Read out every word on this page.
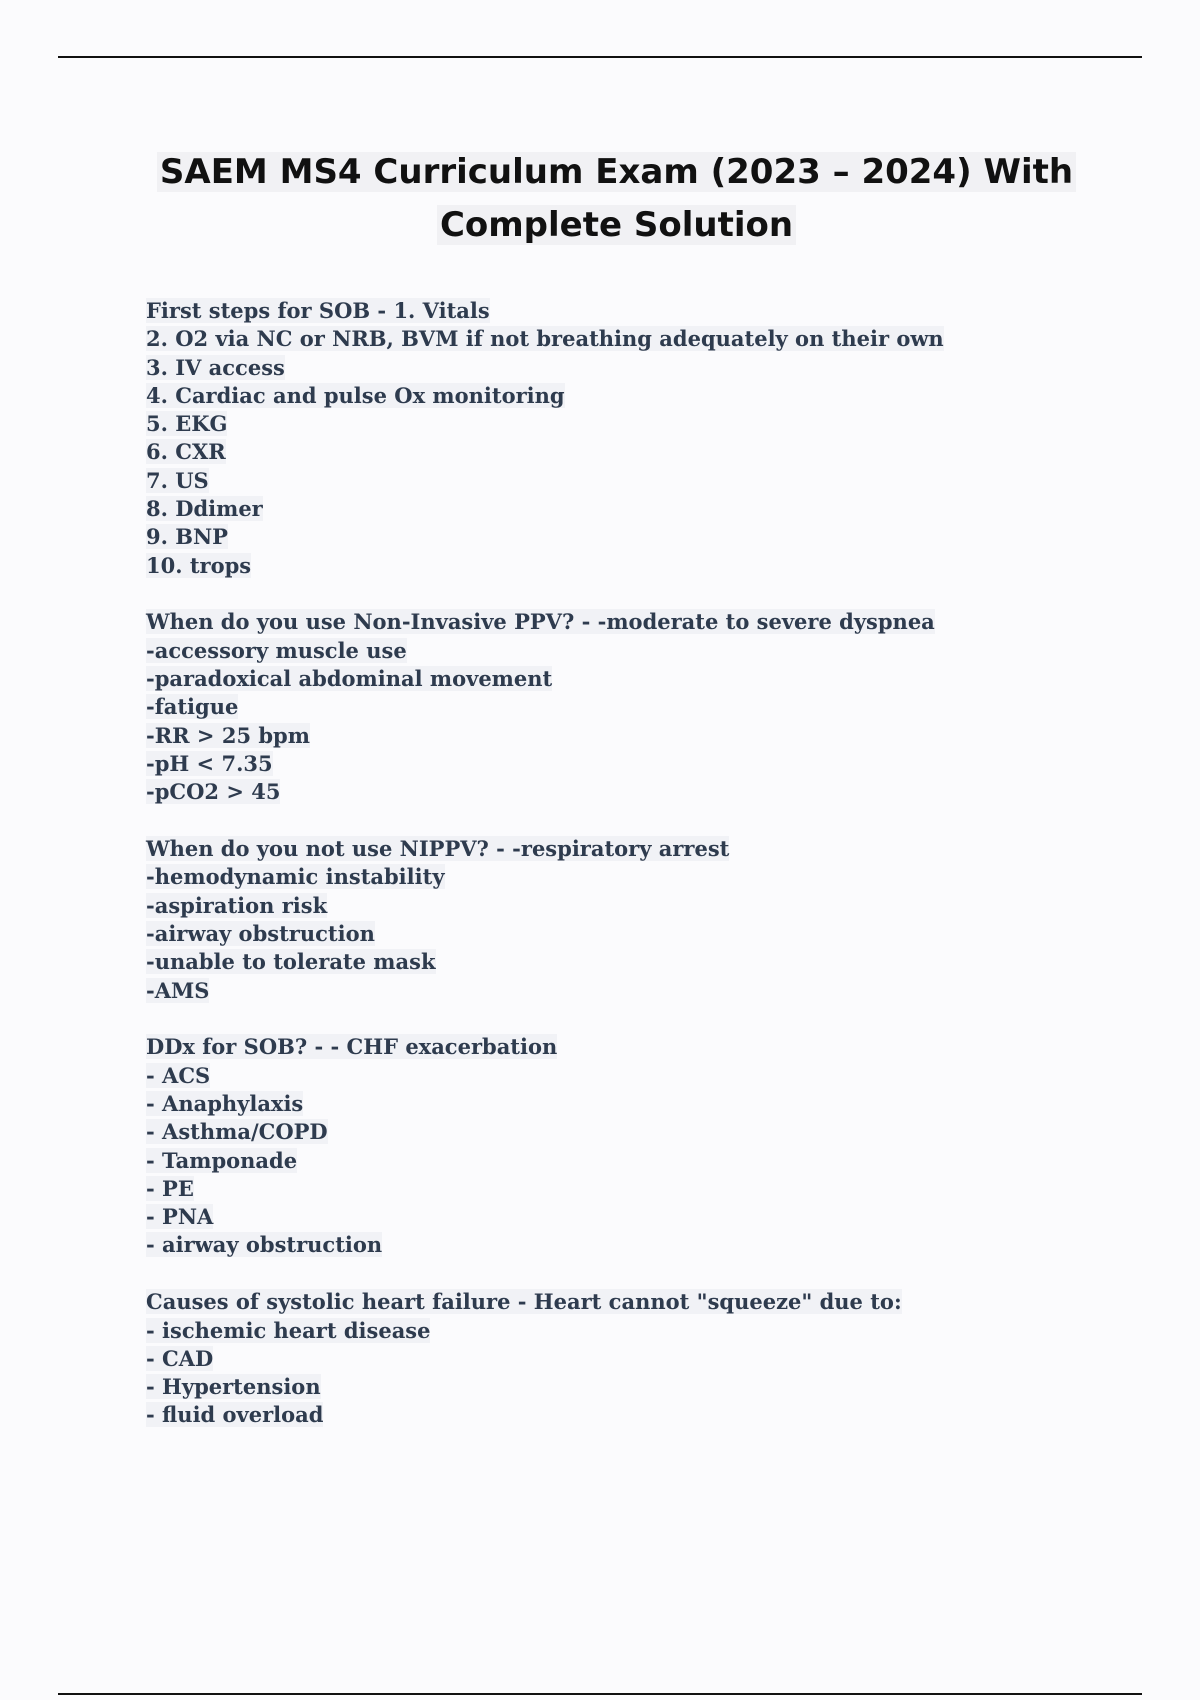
SAEM MS4 Curriculum Exam (2023 – 2024) With
Complete Solution
First steps for SOB - 1. Vitals
2. O2 via NC or NRB, BVM if not breathing adequately on their own
3. IV access
4. Cardiac and pulse Ox monitoring
5. EKG
6. CXR
7. US
8. Ddimer
9. BNP
10. trops
When do you use Non-Invasive PPV? - -moderate to severe dyspnea
-accessory muscle use
-paradoxical abdominal movement
-fatigue
-RR > 25 bpm
-pH < 7.35
-pCO2 > 45
When do you not use NIPPV? - -respiratory arrest
-hemodynamic instability
-aspiration risk
-airway obstruction
-unable to tolerate mask
-AMS
DDx for SOB? - - CHF exacerbation
- ACS
- Anaphylaxis
- Asthma/COPD
- Tamponade
- PE
- PNA
- airway obstruction
Causes of systolic heart failure - Heart cannot "squeeze" due to:
- ischemic heart disease
- CAD
- Hypertension
- fluid overload
